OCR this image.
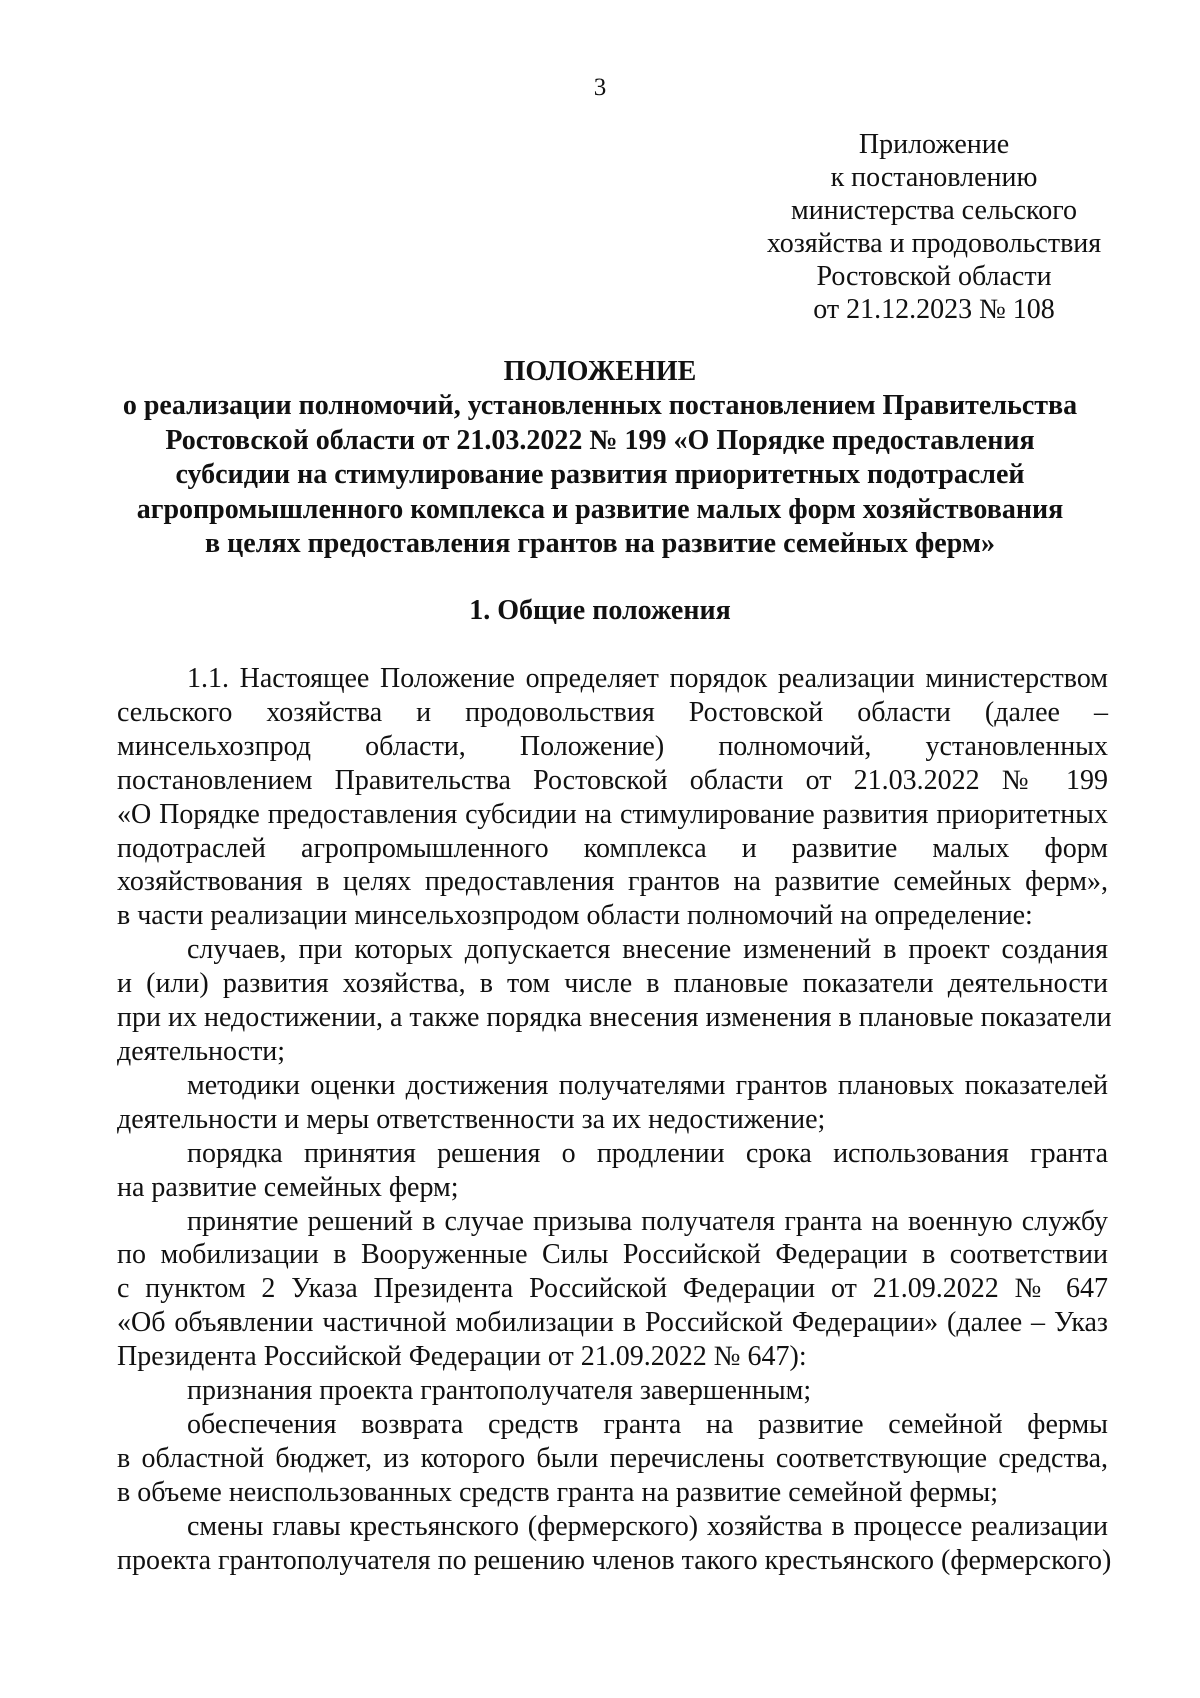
3
Приложение
к постановлению
министерства сельского
хозяйства и продовольствия
Ростовской области
от 21.12.2023 № 108
ПОЛОЖЕНИЕ
о реализации полномочий, установленных постановлением Правительства
Ростовской области от 21.03.2022 № 199 «О Порядке предоставления
субсидии на стимулирование развития приоритетных подотраслей
агропромышленного комплекса и развитие малых форм хозяйствования
в целях предоставления грантов на развитие семейных ферм»
1. Общие положения

1.1. Настоящее Положение определяет порядок реализации министерством
сельского хозяйства и продовольствия Ростовской области (далее –
минсельхозпрод области, Положение) полномочий, установленных
постановлением Правительства Ростовской области от 21.03.2022 № 199
«О Порядке предоставления субсидии на стимулирование развития приоритетных
подотраслей агропромышленного комплекса и развитие малых форм
хозяйствования в целях предоставления грантов на развитие семейных ферм»,
в части реализации минсельхозпродом области полномочий на определение:

случаев, при которых допускается внесение изменений в проект создания
и (или) развития хозяйства, в том числе в плановые показатели деятельности
при их недостижении, а также порядка внесения изменения в плановые показатели
деятельности;

методики оценки достижения получателями грантов плановых показателей
деятельности и меры ответственности за их недостижение;

порядка принятия решения о продлении срока использования гранта
на развитие семейных ферм;

принятие решений в случае призыва получателя гранта на военную службу
по мобилизации в Вооруженные Силы Российской Федерации в соответствии
с пунктом 2 Указа Президента Российской Федерации от 21.09.2022 № 647
«Об объявлении частичной мобилизации в Российской Федерации» (далее – Указ
Президента Российской Федерации от 21.09.2022 № 647):

признания проекта грантополучателя завершенным;

обеспечения возврата средств гранта на развитие семейной фермы
в областной бюджет, из которого были перечислены соответствующие средства,
в объеме неиспользованных средств гранта на развитие семейной фермы;

смены главы крестьянского (фермерского) хозяйства в процессе реализации
проекта грантополучателя по решению членов такого крестьянского (фермерского)
